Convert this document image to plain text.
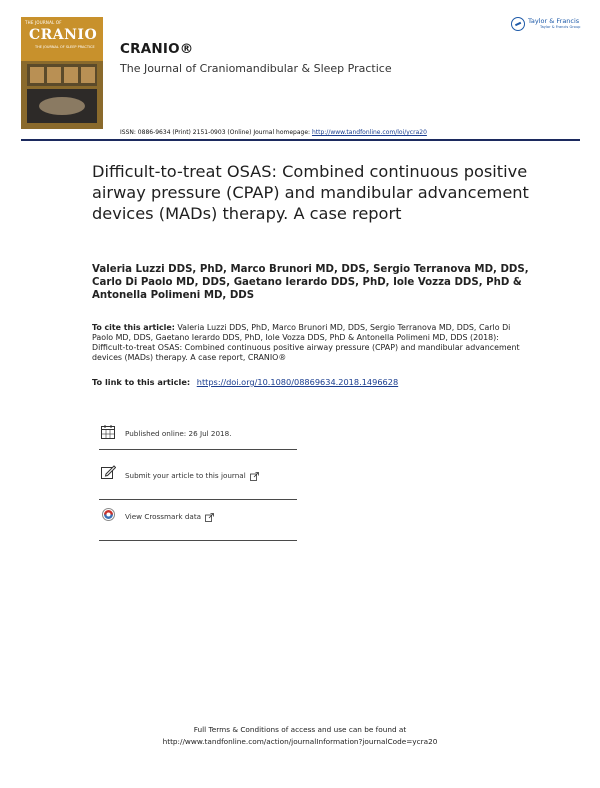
THE JOURNAL OF
CRANIO
THE JOURNAL OF SLEEP PRACTICE CRANIO®
The Journal of Craniomandibular & Sleep Practice
Taylor & Francis
Taylor & Francis Group
ISSN: 0886-9634 (Print) 2151-0903 (Online) Journal homepage: http://www.tandfonline.com/loi/ycra20
Difficult-to-treat OSAS: Combined continuous positive airway pressure (CPAP) and mandibular advancement devices (MADs) therapy. A case report
Valeria Luzzi DDS, PhD, Marco Brunori MD, DDS, Sergio Terranova MD, DDS, Carlo Di Paolo MD, DDS, Gaetano Ierardo DDS, PhD, Iole Vozza DDS, PhD & Antonella Polimeni MD, DDS
To cite this article: Valeria Luzzi DDS, PhD, Marco Brunori MD, DDS, Sergio Terranova MD, DDS, Carlo Di Paolo MD, DDS, Gaetano Ierardo DDS, PhD, Iole Vozza DDS, PhD & Antonella Polimeni MD, DDS (2018): Difficult-to-treat OSAS: Combined continuous positive airway pressure (CPAP) and mandibular advancement devices (MADs) therapy. A case report, CRANIO®
To link to this article: https://doi.org/10.1080/08869634.2018.1496628
Published online: 26 Jul 2018.
Submit your article to this journal
View Crossmark data
Full Terms & Conditions of access and use can be found at
http://www.tandfonline.com/action/journalInformation?journalCode=ycra20
